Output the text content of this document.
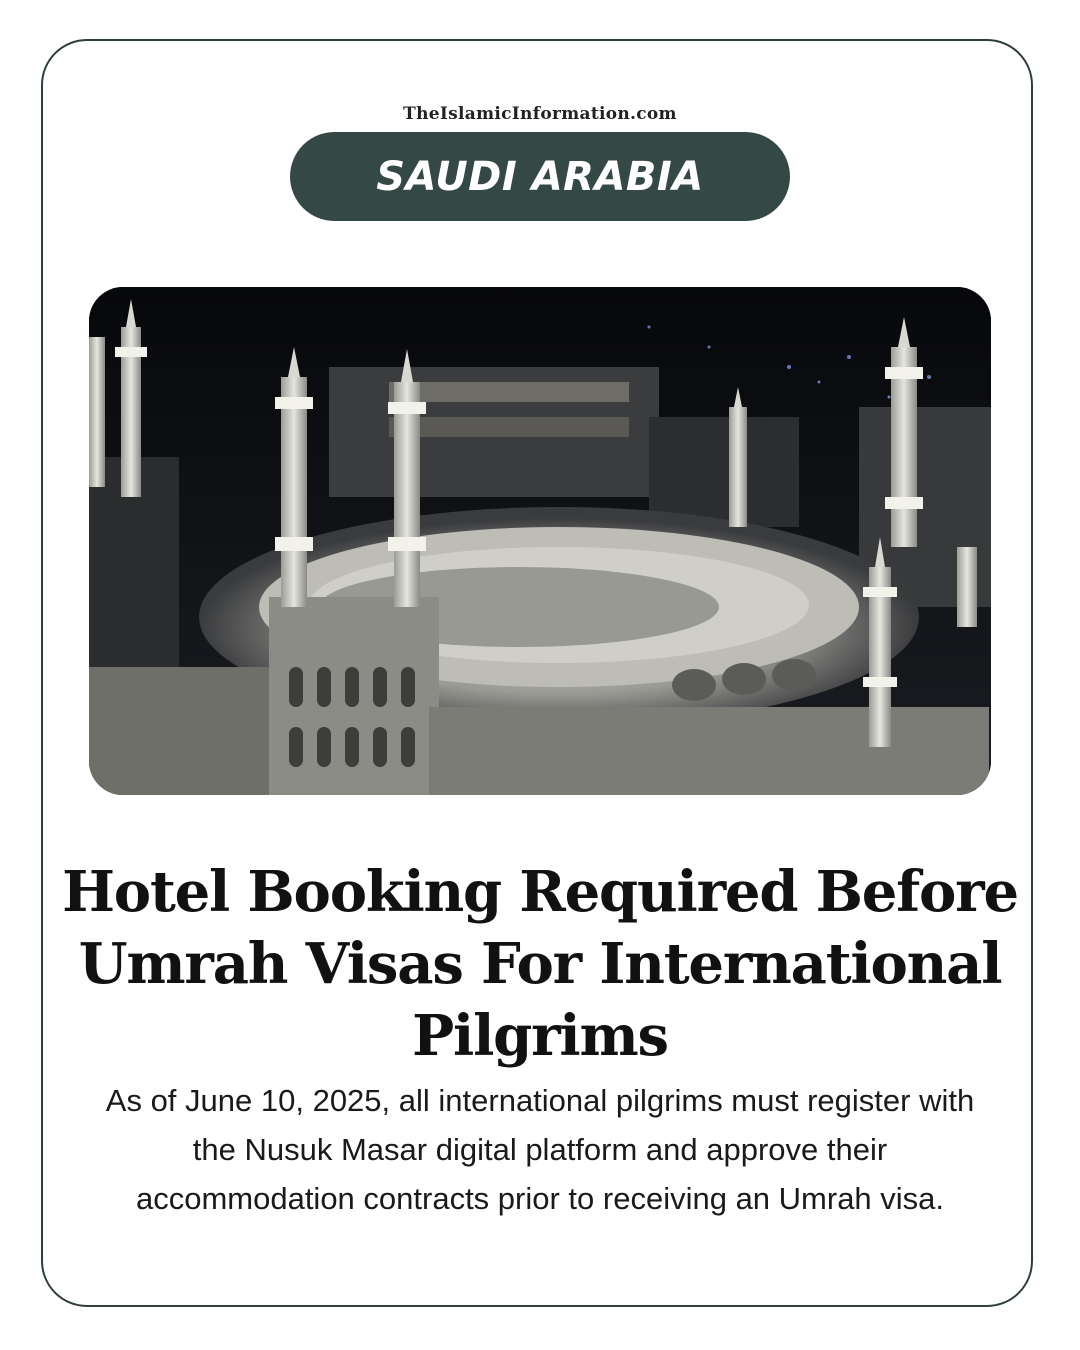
TheIslamicInformation.com
SAUDI ARABIA
Hotel Booking Required Before Umrah Visas For International Pilgrims

As of June 10, 2025, all international pilgrims must register with the Nusuk Masar digital platform and approve their accommodation contracts prior to receiving an Umrah visa.
